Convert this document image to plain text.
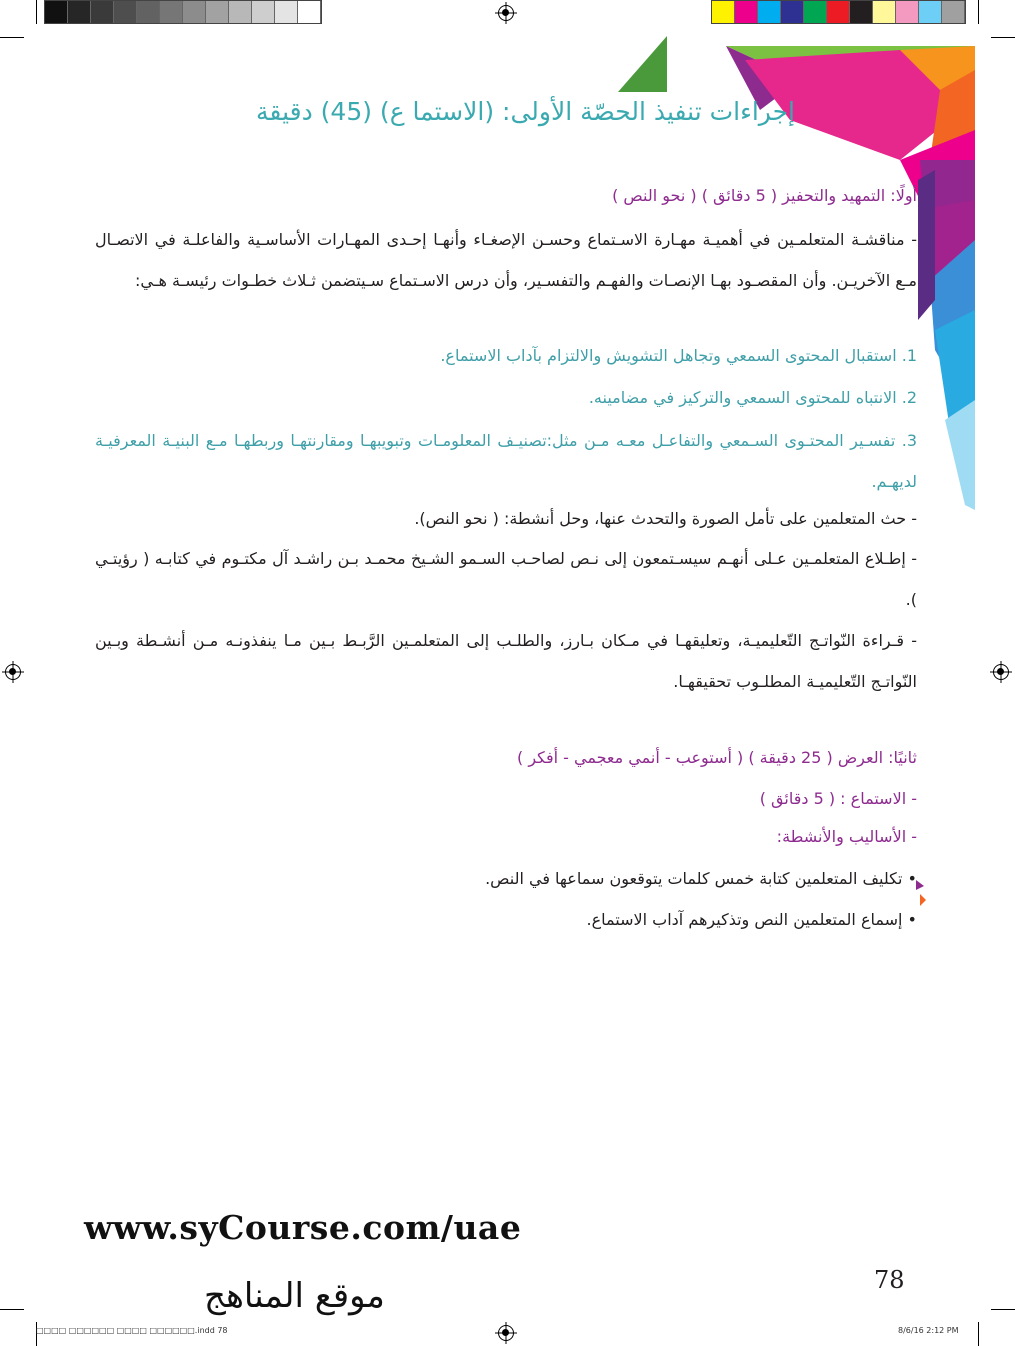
إجراءات تنفيذ الحصّة الأولى: (الاستما ع) (45) دقيقة
أولًا: التمهيد والتحفيز ( 5 دقائق ) ( نحو النص )
- مناقشـة المتعلمـين في أهميـة مهـارة الاسـتماع وحسـن الإصغـاء وأنهـا إحـدى المهـارات الأساسـية والفاعلـة في الاتصـال مـع الآخريـن. وأن المقصـود بهـا الإنصـات والفهـم والتفسـير، وأن درس الاسـتماع سـيتضمن ثـلاث خطـوات رئيسـة هـي:
1. استقبال المحتوى السمعي وتجاهل التشويش والالتزام بآداب الاستماع.
2. الانتباه للمحتوى السمعي والتركيز في مضامينه.
3. تفسـير المحتـوى السـمعي والتفاعـل معـه مـن مثل:تصنيـف المعلومـات وتبويبهـا ومقارنتهـا وربطهـا مـع البنيـة المعرفيـة لديهـم.
- حث المتعلمين على تأمل الصورة والتحدث عنها، وحل أنشطة: ( نحو النص).
- إطـلاع المتعلمـين عـلى أنهـم سيسـتمعون إلى نـص لصاحـب السـمو الشـيخ محمـد بـن راشـد آل مكتـوم في كتابـه ( رؤيتـي ).
- قـراءة النّواتـج التّعليميـة، وتعليقهـا في مـكان بـارز، والطلـب إلى المتعلمـين الرَّبـط بـين مـا ينفذونـه مـن أنشـطة وبـين النّواتـج التّعليميـة المطلـوب تحقيقهـا.
ثانيًا: العرض ( 25 دقيقة ) ( أستوعب - أنمي معجمي - أفكر )
- الاستماع : ( 5 دقائق )
- الأساليب والأنشطة:
• تكليف المتعلمين كتابة خمس كلمات يتوقعون سماعها في النص.
• إسماع المتعلمين النص وتذكيرهم آداب الاستماع.
www.syCourse.com/uae
موقع المناهج	78
□□□□ □□□□□□ □□□□ □□□□□□.indd 78	8/6/16 2:12 PM
